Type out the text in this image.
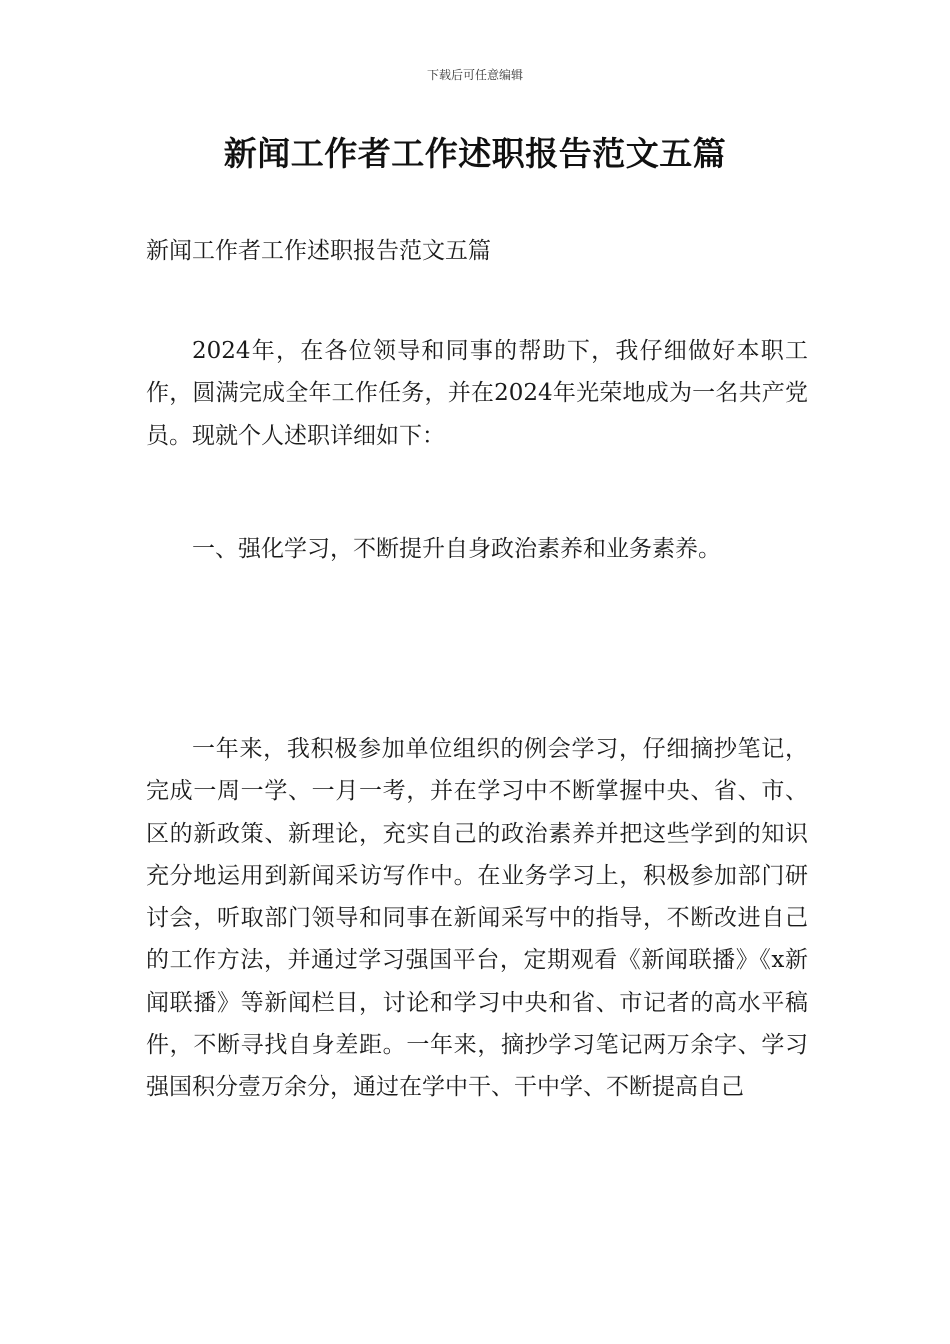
下载后可任意编辑
新闻工作者工作述职报告范文五篇
新闻工作者工作述职报告范文五篇

2024年，在各位领导和同事的帮助下，我仔细做好本职工作，圆满完成全年工作任务，并在2024年光荣地成为一名共产党员。现就个人述职详细如下：

一、强化学习，不断提升自身政治素养和业务素养。

一年来，我积极参加单位组织的例会学习，仔细摘抄笔记，完成一周一学、一月一考，并在学习中不断掌握中央、省、市、区的新政策、新理论，充实自己的政治素养并把这些学到的知识充分地运用到新闻采访写作中。在业务学习上，积极参加部门研讨会，听取部门领导和同事在新闻采写中的指导，不断改进自己的工作方法，并通过学习强国平台，定期观看《新闻联播》《x新闻联播》等新闻栏目，讨论和学习中央和省、市记者的高水平稿件，不断寻找自身差距。一年来，摘抄学习笔记两万余字、学习强国积分壹万余分，通过在学中干、干中学、不断提高自己
